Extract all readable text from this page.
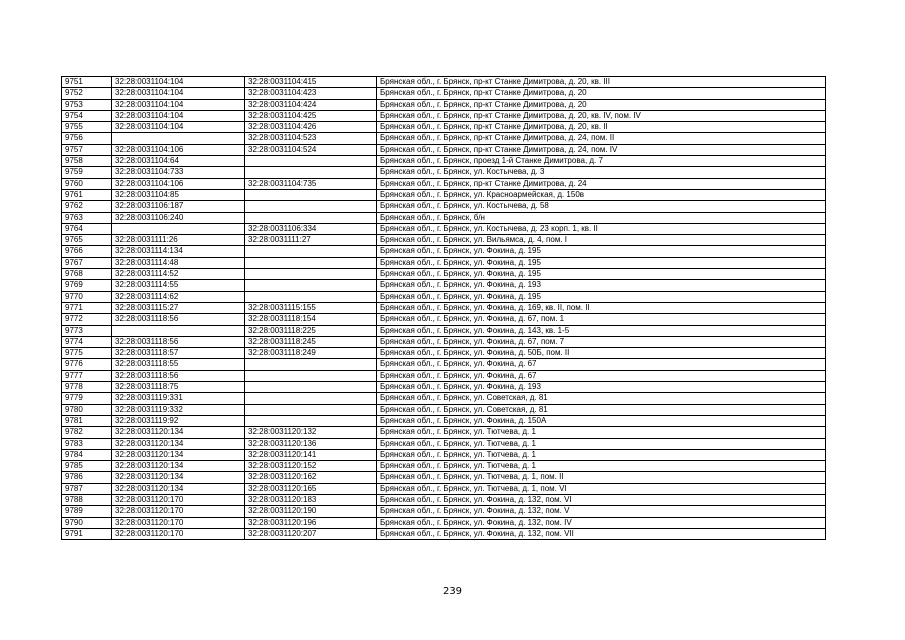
9751	32:28:0031104:104	32:28:0031104:415	Брянская обл., г. Брянск, пр-кт Станке Димитрова, д. 20, кв. III
9752	32:28:0031104:104	32:28:0031104:423	Брянская обл., г. Брянск, пр-кт Станке Димитрова, д. 20
9753	32:28:0031104:104	32:28:0031104:424	Брянская обл., г. Брянск, пр-кт Станке Димитрова, д. 20
9754	32:28:0031104:104	32:28:0031104:425	Брянская обл., г. Брянск, пр-кт Станке Димитрова, д. 20, кв. IV, пом. IV
9755	32:28:0031104:104	32:28:0031104:426	Брянская обл., г. Брянск, пр-кт Станке Димитрова, д. 20, кв. II
9756		32:28:0031104:523	Брянская обл., г. Брянск, пр-кт Станке Димитрова, д. 24, пом. II
9757	32:28:0031104:106	32:28:0031104:524	Брянская обл., г. Брянск, пр-кт Станке Димитрова, д. 24, пом. IV
9758	32:28:0031104:64		Брянская обл., г. Брянск, проезд 1-й Станке Димитрова, д. 7
9759	32:28:0031104:733		Брянская обл., г. Брянск, ул. Костычева, д. 3
9760	32:28:0031104:106	32:28:0031104:735	Брянская обл., г. Брянск, пр-кт Станке Димитрова, д. 24
9761	32:28:0031104:85		Брянская обл., г. Брянск, ул. Красноармейская, д. 150в
9762	32:28:0031106:187		Брянская обл., г. Брянск, ул. Костычева, д. 58
9763	32:28:0031106:240		Брянская обл., г. Брянск, б/н
9764		32:28:0031106:334	Брянская обл., г. Брянск, ул. Костычева, д. 23 корп. 1, кв. II
9765	32:28:0031111:26	32:28:0031111:27	Брянская обл., г. Брянск, ул. Вильямса, д. 4, пом. I
9766	32:28:0031114:134		Брянская обл., г. Брянск, ул. Фокина, д. 195
9767	32:28:0031114:48		Брянская обл., г. Брянск, ул. Фокина, д. 195
9768	32:28:0031114:52		Брянская обл., г. Брянск, ул. Фокина, д. 195
9769	32:28:0031114:55		Брянская обл., г. Брянск, ул. Фокина, д. 193
9770	32:28:0031114:62		Брянская обл., г. Брянск, ул. Фокина, д. 195
9771	32:28:0031115:27	32:28:0031115:155	Брянская обл., г. Брянск, ул. Фокина, д. 169, кв. II, пом. II
9772	32:28:0031118:56	32:28:0031118:154	Брянская обл., г. Брянск, ул. Фокина, д. 67, пом. 1
9773		32:28:0031118:225	Брянская обл., г. Брянск, ул. Фокина, д. 143, кв. 1-5
9774	32:28:0031118:56	32:28:0031118:245	Брянская обл., г. Брянск, ул. Фокина, д. 67, пом. 7
9775	32:28:0031118:57	32:28:0031118:249	Брянская обл., г. Брянск, ул. Фокина, д. 50Б, пом. II
9776	32:28:0031118:55		Брянская обл., г. Брянск, ул. Фокина, д. 67
9777	32:28:0031118:56		Брянская обл., г. Брянск, ул. Фокина, д. 67
9778	32:28:0031118:75		Брянская обл., г. Брянск, ул. Фокина, д. 193
9779	32:28:0031119:331		Брянская обл., г. Брянск, ул. Советская, д. 81
9780	32:28:0031119:332		Брянская обл., г. Брянск, ул. Советская, д. 81
9781	32:28:0031119:92		Брянская обл., г. Брянск, ул. Фокина, д. 150А
9782	32:28:0031120:134	32:28:0031120:132	Брянская обл., г. Брянск, ул. Тютчева, д. 1
9783	32:28:0031120:134	32:28:0031120:136	Брянская обл., г. Брянск, ул. Тютчева, д. 1
9784	32:28:0031120:134	32:28:0031120:141	Брянская обл., г. Брянск, ул. Тютчева, д. 1
9785	32:28:0031120:134	32:28:0031120:152	Брянская обл., г. Брянск, ул. Тютчева, д. 1
9786	32:28:0031120:134	32:28:0031120:162	Брянская обл., г. Брянск, ул. Тютчева, д. 1, пом. II
9787	32:28:0031120:134	32:28:0031120:165	Брянская обл., г. Брянск, ул. Тютчева, д. 1, пом. VI
9788	32:28:0031120:170	32:28:0031120:183	Брянская обл., г. Брянск, ул. Фокина, д. 132, пом. VI
9789	32:28:0031120:170	32:28:0031120:190	Брянская обл., г. Брянск, ул. Фокина, д. 132, пом. V
9790	32:28:0031120:170	32:28:0031120:196	Брянская обл., г. Брянск, ул. Фокина, д. 132, пом. IV
9791	32:28:0031120:170	32:28:0031120:207	Брянская обл., г. Брянск, ул. Фокина, д. 132, пом. VII
239
